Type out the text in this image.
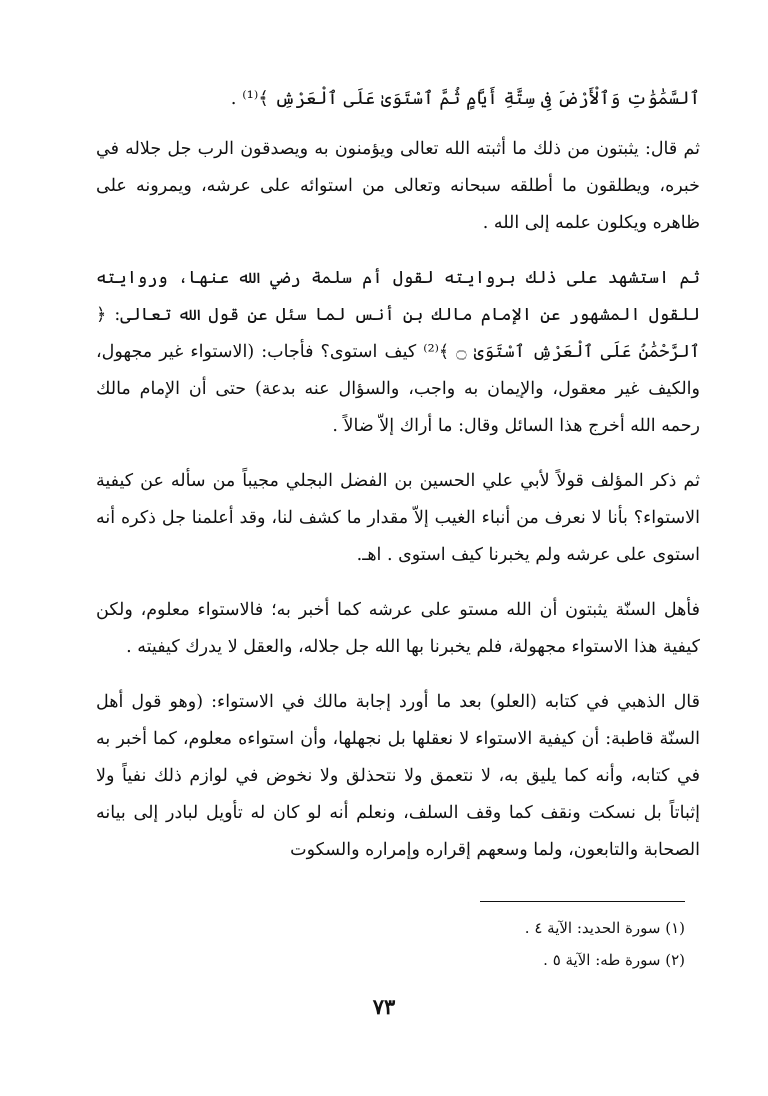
ٱلسَّمَٰوَٰتِ وَٱلْأَرْضَ فِى سِتَّةِ أَيَّامٍ ثُمَّ ٱسْتَوَىٰ عَلَى ٱلْعَرْشِ ﴾⁽¹⁾ .

ثم قال: يثبتون من ذلك ما أثبته الله تعالى ويؤمنون به ويصدقون الرب جل جلاله في خبره، ويطلقون ما أطلقه سبحانه وتعالى من استوائه على عرشه، ويمرونه على ظاهره ويكلون علمه إلى الله .

ثم استشهد على ذلك بروايته لقول أم سلمة رضي الله عنها، وروايته للقول المشهور عن الإمام مالك بن أنس لما سئل عن قول الله تعالى: ﴿ ٱلرَّحْمَٰنُ عَلَى ٱلْعَرْشِ ٱسْتَوَىٰ ۝ ﴾⁽²⁾ كيف استوى؟ فأجاب: (الاستواء غير مجهول، والكيف غير معقول، والإيمان به واجب، والسؤال عنه بدعة) حتى أن الإمام مالك رحمه الله أخرج هذا السائل وقال: ما أراك إلاّ ضالاً .

ثم ذكر المؤلف قولاً لأبي علي الحسين بن الفضل البجلي مجيباً من سأله عن كيفية الاستواء؟ بأنا لا نعرف من أنباء الغيب إلاّ مقدار ما كشف لنا، وقد أعلمنا جل ذكره أنه استوى على عرشه ولم يخبرنا كيف استوى . اهـ.

فأهل السنّة يثبتون أن الله مستو على عرشه كما أخبر به؛ فالاستواء معلوم، ولكن كيفية هذا الاستواء مجهولة، فلم يخبرنا بها الله جل جلاله، والعقل لا يدرك كيفيته .

قال الذهبي في كتابه (العلو) بعد ما أورد إجابة مالك في الاستواء: (وهو قول أهل السنّة قاطبة: أن كيفية الاستواء لا نعقلها بل نجهلها، وأن استواءه معلوم، كما أخبر به في كتابه، وأنه كما يليق به، لا نتعمق ولا نتحذلق ولا نخوض في لوازم ذلك نفياً ولا إثباتاً بل نسكت ونقف كما وقف السلف، ونعلم أنه لو كان له تأويل لبادر إلى بيانه الصحابة والتابعون، ولما وسعهم إقراره وإمراره والسكوت

(١) سورة الحديد: الآية ٤ .
(٢) سورة طه: الآية ٥ .
٧٣
